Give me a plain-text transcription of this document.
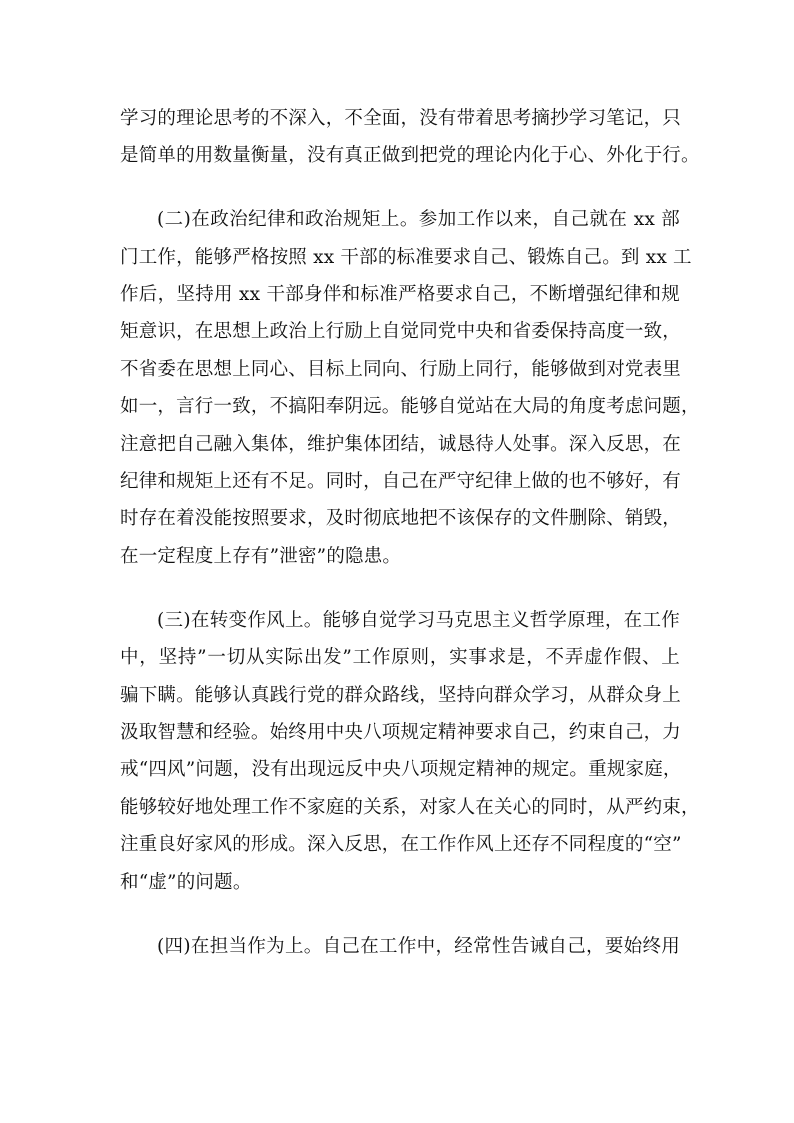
学习的理论思考的不深入，不全面，没有带着思考摘抄学习笔记，只
是简单的用数量衡量，没有真正做到把党的理论内化于心、外化于行。
(二)在政治纪律和政治规矩上。参加工作以来，自己就在 xx 部
门工作，能够严格按照 xx 干部的标准要求自己、锻炼自己。到 xx 工
作后，坚持用 xx 干部身伴和标准严格要求自己，不断增强纪律和规
矩意识，在思想上政治上行励上自觉同党中央和省委保持高度一致，
不省委在思想上同心、目标上同向、行励上同行，能够做到对党表里
如一，言行一致，不搞阳奉阴远。能够自觉站在大局的角度考虑问题，
注意把自己融入集体，维护集体团结，诚恳待人处事。深入反思，在
纪律和规矩上还有不足。同时，自己在严守纪律上做的也不够好，有
时存在着没能按照要求，及时彻底地把不该保存的文件删除、销毁，
在一定程度上存有”泄密”的隐患。
(三)在转变作风上。能够自觉学习马克思主义哲学原理，在工作
中，坚持”一切从实际出发”工作原则，实事求是，不弄虚作假、上
骗下瞒。能够认真践行党的群众路线，坚持向群众学习，从群众身上
汲取智慧和经验。始终用中央八项规定精神要求自己，约束自己，力
戒“四风”问题，没有出现远反中央八项规定精神的规定。重规家庭，
能够较好地处理工作不家庭的关系，对家人在关心的同时，从严约束，
注重良好家风的形成。深入反思，在工作作风上还存不同程度的“空”
和“虚”的问题。
(四)在担当作为上。自己在工作中，经常性告诫自己，要始终用
